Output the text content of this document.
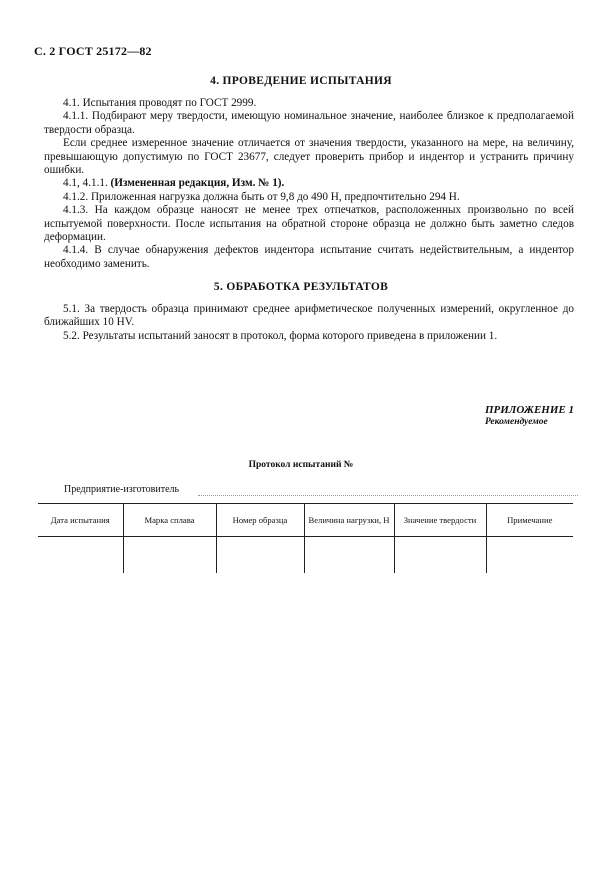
С. 2 ГОСТ 25172—82
4. ПРОВЕДЕНИЕ ИСПЫТАНИЯ

4.1. Испытания проводят по ГОСТ 2999.

4.1.1. Подбирают меру твердости, имеющую номинальное значение, наиболее близкое к предполагаемой твердости образца.

Если среднее измеренное значение отличается от значения твердости, указанного на мере, на величину, превышающую допустимую по ГОСТ 23677, следует проверить прибор и индентор и устранить причину ошибки.

4.1, 4.1.1. (Измененная редакция, Изм. № 1).

4.1.2. Приложенная нагрузка должна быть от 9,8 до 490 Н, предпочтительно 294 Н.

4.1.3. На каждом образце наносят не менее трех отпечатков, расположенных произвольно по всей испытуемой поверхности. После испытания на обратной стороне образца не должно быть заметно следов деформации.

4.1.4. В случае обнаружения дефектов индентора испытание считать недействительным, а индентор необходимо заменить.

5. ОБРАБОТКА РЕЗУЛЬТАТОВ

5.1. За твердость образца принимают среднее арифметическое полученных измерений, округленное до ближайших 10 HV.

5.2. Результаты испытаний заносят в протокол, форма которого приведена в приложении 1.

ПРИЛОЖЕНИЕ 1
Рекомендуемое
Протокол испытаний №
Предприятие-изготовитель
Дата испытания	Марка сплава	Номер образца	Величина нагрузки, Н	Значение твердости	Примечание
